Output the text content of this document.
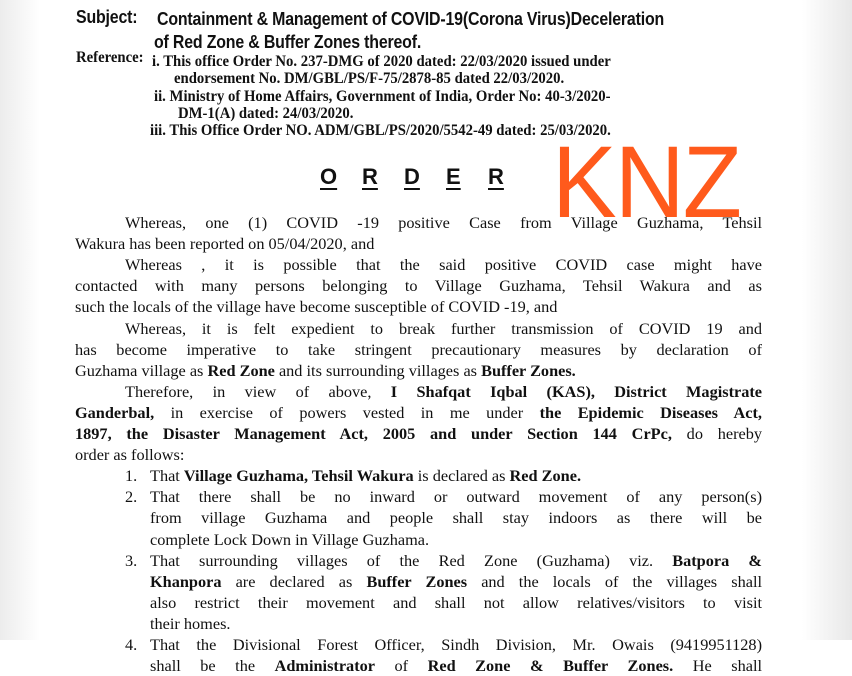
Subject: Containment & Management of COVID-19(Corona Virus)Deceleration
of Red Zone & Buffer Zones thereof.
Reference: i. This office Order No. 237-DMG of 2020 dated: 22/03/2020 issued under
endorsement No. DM/GBL/PS/F-75/2878-85 dated 22/03/2020.
ii. Ministry of Home Affairs, Government of India, Order No: 40-3/2020-
DM-1(A) dated: 24/03/2020.
iii. This Office Order NO. ADM/GBL/PS/2020/5542-49 dated: 25/03/2020.
O R D E R KNZ
Whereas, one (1) COVID -19 positive Case from Village Guzhama, Tehsil
Wakura has been reported on 05/04/2020, and
Whereas , it is possible that the said positive COVID case might have
contacted with many persons belonging to Village Guzhama, Tehsil Wakura and as
such the locals of the village have become susceptible of COVID -19, and
Whereas, it is felt expedient to break further transmission of COVID 19 and
has become imperative to take stringent precautionary measures by declaration of
Guzhama village as Red Zone and its surrounding villages as Buffer Zones.
Therefore, in view of above, I Shafqat Iqbal (KAS), District Magistrate
Ganderbal, in exercise of powers vested in me under the Epidemic Diseases Act,
1897, the Disaster Management Act, 2005 and under Section 144 CrPc, do hereby
order as follows:
1. That Village Guzhama, Tehsil Wakura is declared as Red Zone.
2. That there shall be no inward or outward movement of any person(s)
from village Guzhama and people shall stay indoors as there will be
complete Lock Down in Village Guzhama.
3. That surrounding villages of the Red Zone (Guzhama) viz. Batpora &
Khanpora are declared as Buffer Zones and the locals of the villages shall
also restrict their movement and shall not allow relatives/visitors to visit
their homes.
4. That the Divisional Forest Officer, Sindh Division, Mr. Owais (9419951128)
shall be the Administrator of Red Zone & Buffer Zones. He shall
